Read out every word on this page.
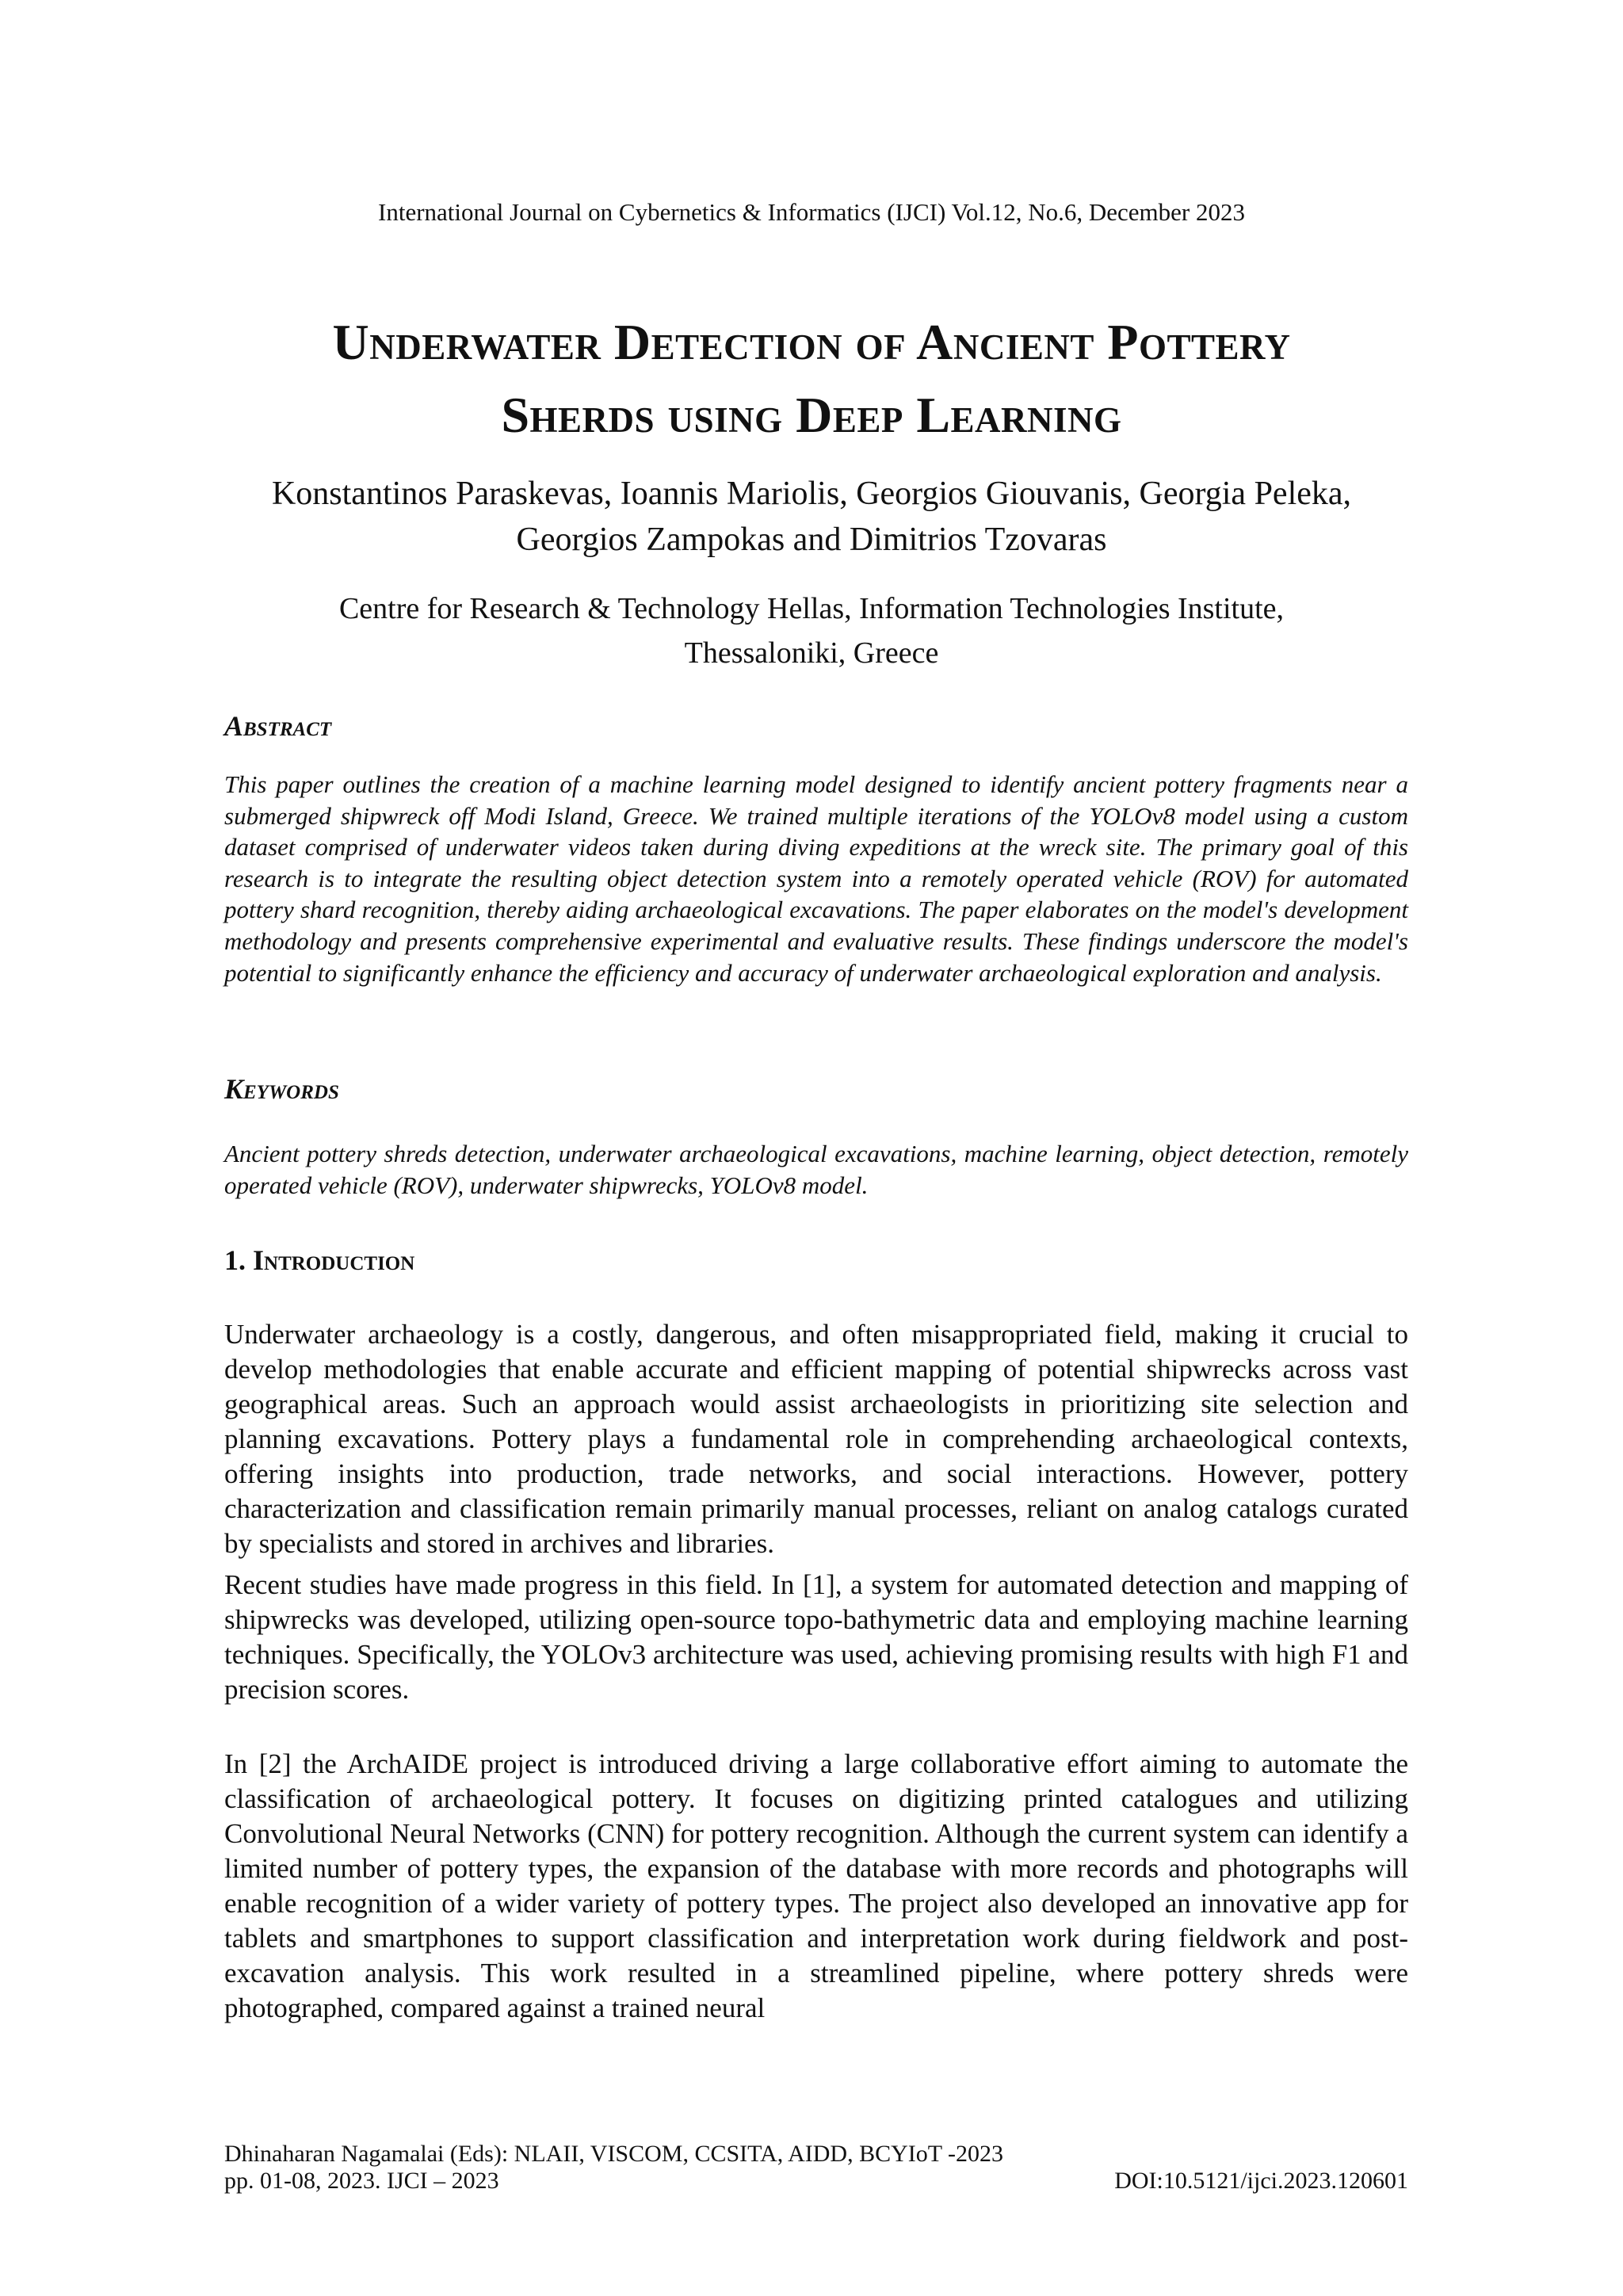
International Journal on Cybernetics & Informatics (IJCI) Vol.12, No.6, December 2023
Underwater Detection of Ancient Pottery
Sherds using Deep Learning
Konstantinos Paraskevas, Ioannis Mariolis, Georgios Giouvanis, Georgia Peleka,
Georgios Zampokas and Dimitrios Tzovaras
Centre for Research & Technology Hellas, Information Technologies Institute,
Thessaloniki, Greece
Abstract
This paper outlines the creation of a machine learning model designed to identify ancient pottery fragments near a submerged shipwreck off Modi Island, Greece. We trained multiple iterations of the YOLOv8 model using a custom dataset comprised of underwater videos taken during diving expeditions at the wreck site. The primary goal of this research is to integrate the resulting object detection system into a remotely operated vehicle (ROV) for automated pottery shard recognition, thereby aiding archaeological excavations. The paper elaborates on the model's development methodology and presents comprehensive experimental and evaluative results. These findings underscore the model's potential to significantly enhance the efficiency and accuracy of underwater archaeological exploration and analysis.
Keywords
Ancient pottery shreds detection, underwater archaeological excavations, machine learning, object detection, remotely operated vehicle (ROV), underwater shipwrecks, YOLOv8 model.
1. Introduction
Underwater archaeology is a costly, dangerous, and often misappropriated field, making it crucial to develop methodologies that enable accurate and efficient mapping of potential shipwrecks across vast geographical areas. Such an approach would assist archaeologists in prioritizing site selection and planning excavations. Pottery plays a fundamental role in comprehending archaeological contexts, offering insights into production, trade networks, and social interactions. However, pottery characterization and classification remain primarily manual processes, reliant on analog catalogs curated by specialists and stored in archives and libraries.
Recent studies have made progress in this field. In [1], a system for automated detection and mapping of shipwrecks was developed, utilizing open-source topo-bathymetric data and employing machine learning techniques. Specifically, the YOLOv3 architecture was used, achieving promising results with high F1 and precision scores.
In [2] the ArchAIDE project is introduced driving a large collaborative effort aiming to automate the classification of archaeological pottery. It focuses on digitizing printed catalogues and utilizing Convolutional Neural Networks (CNN) for pottery recognition. Although the current system can identify a limited number of pottery types, the expansion of the database with more records and photographs will enable recognition of a wider variety of pottery types. The project also developed an innovative app for tablets and smartphones to support classification and interpretation work during fieldwork and post-excavation analysis. This work resulted in a streamlined pipeline, where pottery shreds were photographed, compared against a trained neural
Dhinaharan Nagamalai (Eds): NLAII, VISCOM, CCSITA, AIDD, BCYIoT -2023
pp. 01-08, 2023. IJCI – 2023	DOI:10.5121/ijci.2023.120601
